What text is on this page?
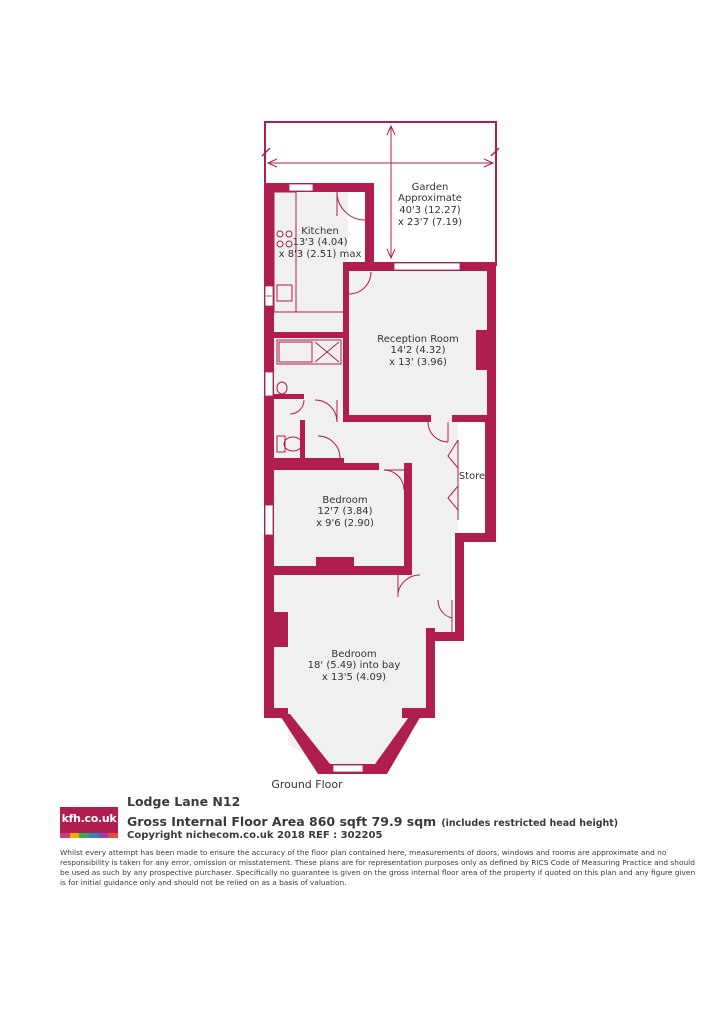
Garden
Approximate
40'3 (12.27)
x 23'7 (7.19)
Kitchen
13'3 (4.04)
x 8'3 (2.51) max
Reception Room
14'2 (4.32)
x 13' (3.96)
Store
Bedroom
12'7 (3.84)
x 9'6 (2.90)
Bedroom
18' (5.49) into bay
x 13'5 (4.09)
Ground Floor
kfh.co.uk
Lodge Lane N12
Gross Internal Floor Area 860 sqft 79.9 sqm (includes restricted head height)
Copyright nichecom.co.uk 2018 REF : 302205
Whilst every attempt has been made to ensure the accuracy of the floor plan contained here, measurements of doors, windows and rooms are approximate and no responsibility is taken for any error, omission or misstatement. These plans are for representation purposes only as defined by RICS Code of Measuring Practice and should be used as such by any prospective purchaser. Specifically no guarantee is given on the gross internal floor area of the property if quoted on this plan and any figure given is for initial guidance only and should not be relied on as a basis of valuation.
